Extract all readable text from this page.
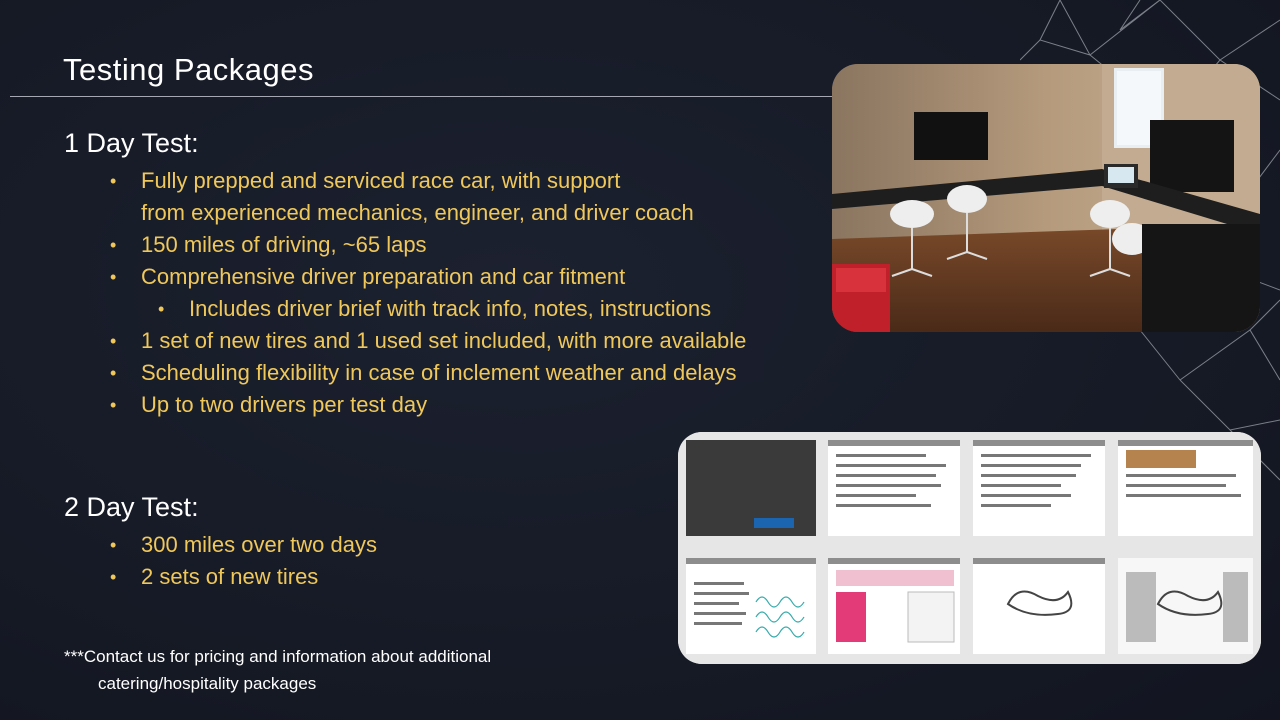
Testing Packages
1 Day Test:
• Fully prepped and serviced race car, with support
from experienced mechanics, engineer, and driver coach
• 150 miles of driving, ~65 laps
• Comprehensive driver preparation and car fitment
• Includes driver brief with track info, notes, instructions
• 1 set of new tires and 1 used set included, with more available
• Scheduling flexibility in case of inclement weather and delays
• Up to two drivers per test day
2 Day Test:
• 300 miles over two days
• 2 sets of new tires
***Contact us for pricing and information about additional
catering/hospitality packages
